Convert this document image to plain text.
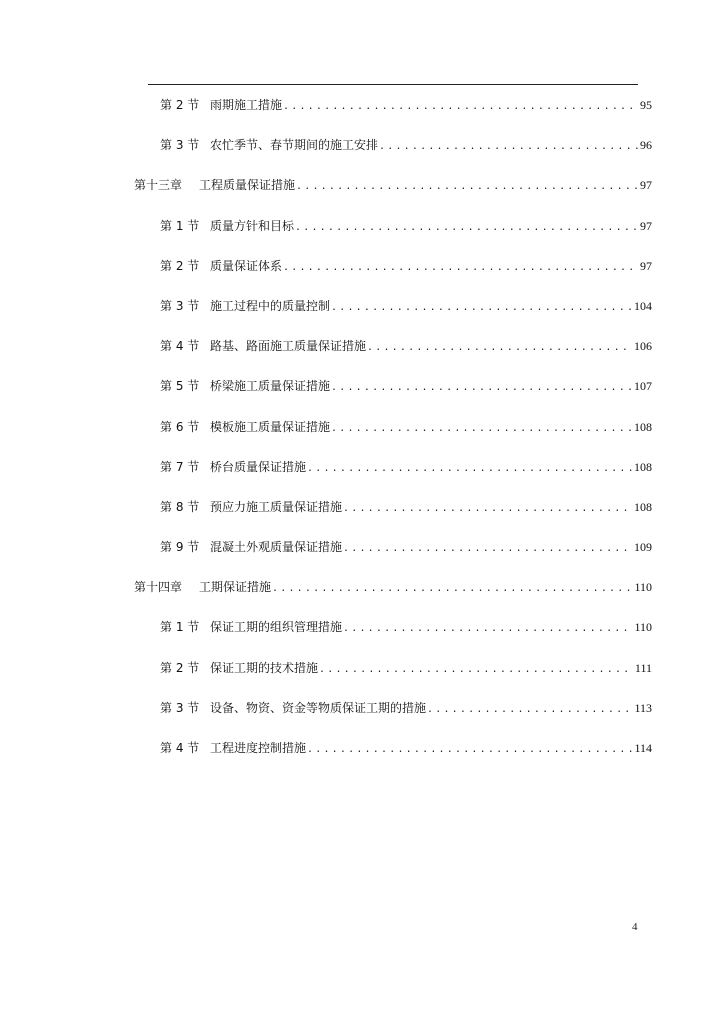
第 2 节 雨期施工措施 .....	95
第 3 节 农忙季节、春节期间的施工安排 .....	96
第十三章 工程质量保证措施 .....	97
第 1 节 质量方针和目标 .....	97
第 2 节 质量保证体系 .....	97
第 3 节 施工过程中的质量控制 .....	104
第 4 节 路基、路面施工质量保证措施 .....	106
第 5 节 桥梁施工质量保证措施 .....	107
第 6 节 模板施工质量保证措施 .....	108
第 7 节 桥台质量保证措施 .....	108
第 8 节 预应力施工质量保证措施 .....	108
第 9 节 混凝土外观质量保证措施 .....	109
第十四章 工期保证措施 .....	110
第 1 节 保证工期的组织管理措施 .....	110
第 2 节 保证工期的技术措施 .....	111
第 3 节 设备、物资、资金等物质保证工期的措施 .....	113
第 4 节 工程进度控制措施 .....	114
4
